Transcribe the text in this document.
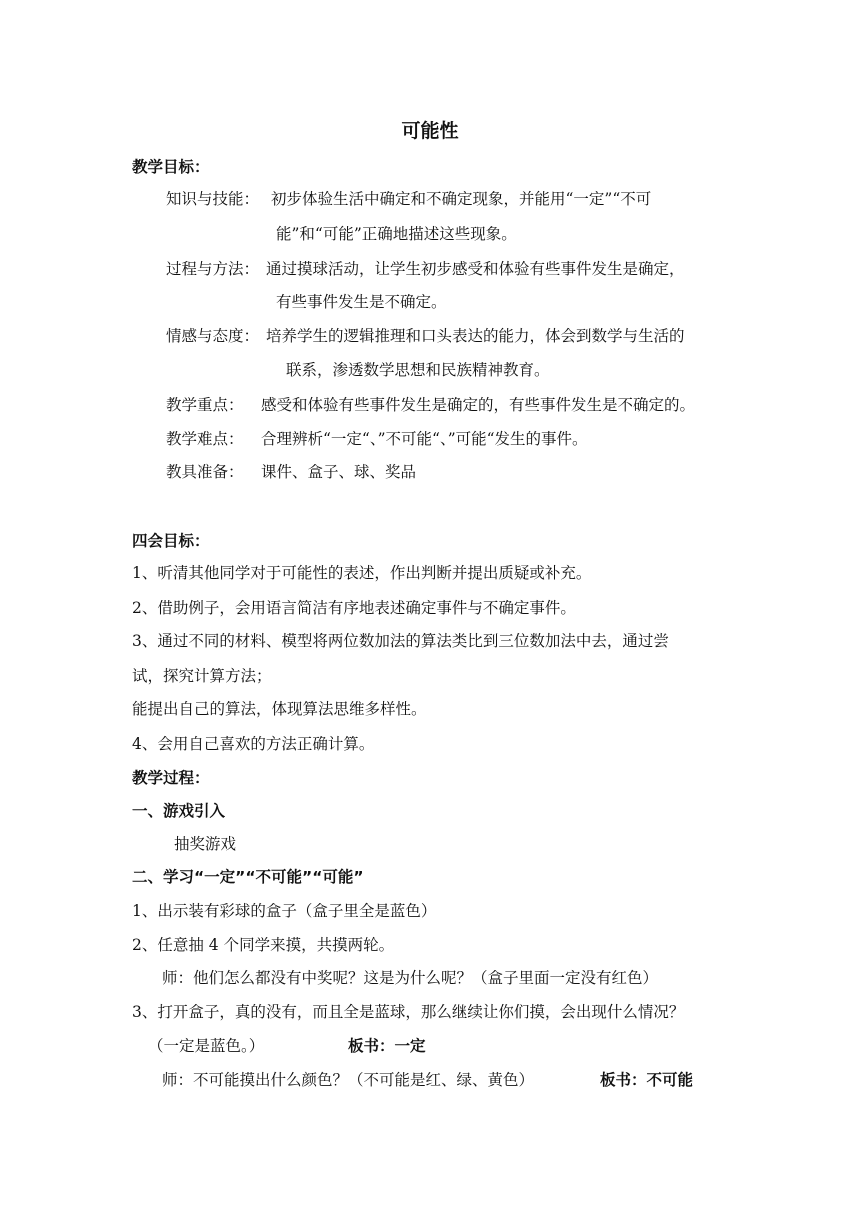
可能性
教学目标：
知识与技能： 初步体验生活中确定和不确定现象，并能用“一定”“不可
能”和“可能”正确地描述这些现象。
过程与方法： 通过摸球活动，让学生初步感受和体验有些事件发生是确定，
有些事件发生是不确定。
情感与态度： 培养学生的逻辑推理和口头表达的能力，体会到数学与生活的
联系，渗透数学思想和民族精神教育。
教学重点： 感受和体验有些事件发生是确定的，有些事件发生是不确定的。
教学难点： 合理辨析“一定“、”不可能“、”可能“发生的事件。
教具准备： 课件、盒子、球、奖品
四会目标：
1、听清其他同学对于可能性的表述，作出判断并提出质疑或补充。
2、借助例子，会用语言简洁有序地表述确定事件与不确定事件。
3、通过不同的材料、模型将两位数加法的算法类比到三位数加法中去，通过尝
试，探究计算方法；
能提出自己的算法，体现算法思维多样性。
4、会用自己喜欢的方法正确计算。
教学过程：
一、游戏引入
抽奖游戏
二、学习“一定”“不可能”“可能”
1、出示装有彩球的盒子（盒子里全是蓝色）
2、任意抽 4 个同学来摸，共摸两轮。
师：他们怎么都没有中奖呢？这是为什么呢？（盒子里面一定没有红色）
3、打开盒子，真的没有，而且全是蓝球，那么继续让你们摸，会出现什么情况？
（一定是蓝色。）	板书：一定
师：不可能摸出什么颜色？（不可能是红、绿、黄色）	板书：不可能
